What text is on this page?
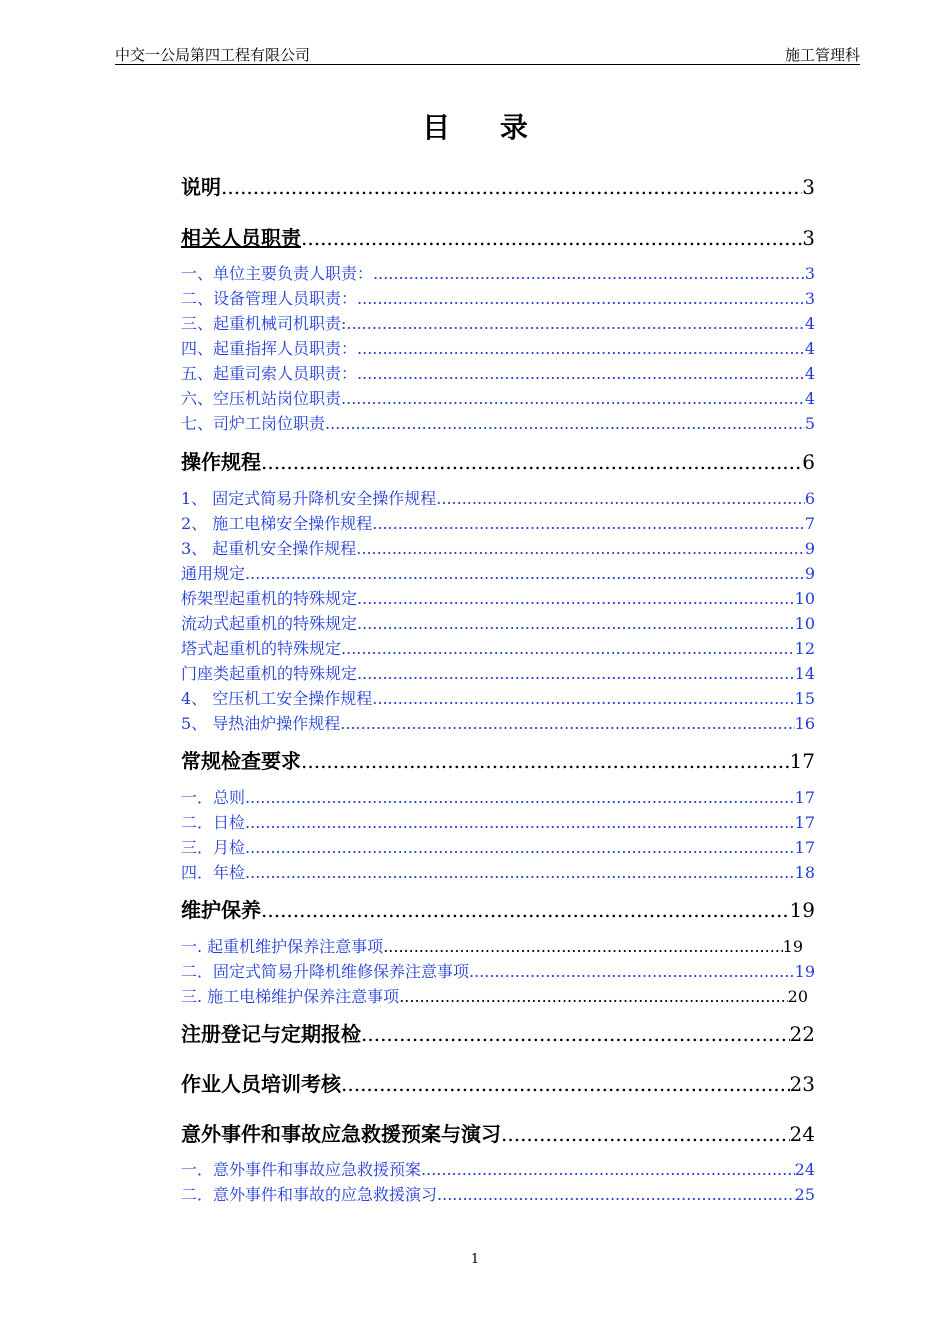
中交一公局第四工程有限公司	施工管理科
目 录
说明 .....	3
相关人员职责 .....	3
一、单位主要负责人职责： .....	3
二、设备管理人员职责： .....	3
三、起重机械司机职责: .....	4
四、起重指挥人员职责： .....	4
五、起重司索人员职责： .....	4
六、空压机站岗位职责 .....	4
七、司炉工岗位职责 .....	5
操作规程 .....	6
1、 固定式简易升降机安全操作规程 .....	6
2、 施工电梯安全操作规程 .....	7
3、 起重机安全操作规程 .....	9
通用规定 .....	9
桥架型起重机的特殊规定 .....	10
流动式起重机的特殊规定 .....	10
塔式起重机的特殊规定 .....	12
门座类起重机的特殊规定 .....	14
4、 空压机工安全操作规程 .....	15
5、 导热油炉操作规程 .....	16
常规检查要求 .....	17
一．总则 .....	17
二．日检 .....	17
三．月检 .....	17
四．年检 .....	18
维护保养 .....	19
一. 起重机维护保养注意事项 .....	19
二．固定式简易升降机维修保养注意事项 .....	19
三. 施工电梯维护保养注意事项 .....	20
注册登记与定期报检 .....	22
作业人员培训考核 .....	23
意外事件和事故应急救援预案与演习 .....	24
一．意外事件和事故应急救援预案 .....	24
二．意外事件和事故的应急救援演习 .....	25
1
